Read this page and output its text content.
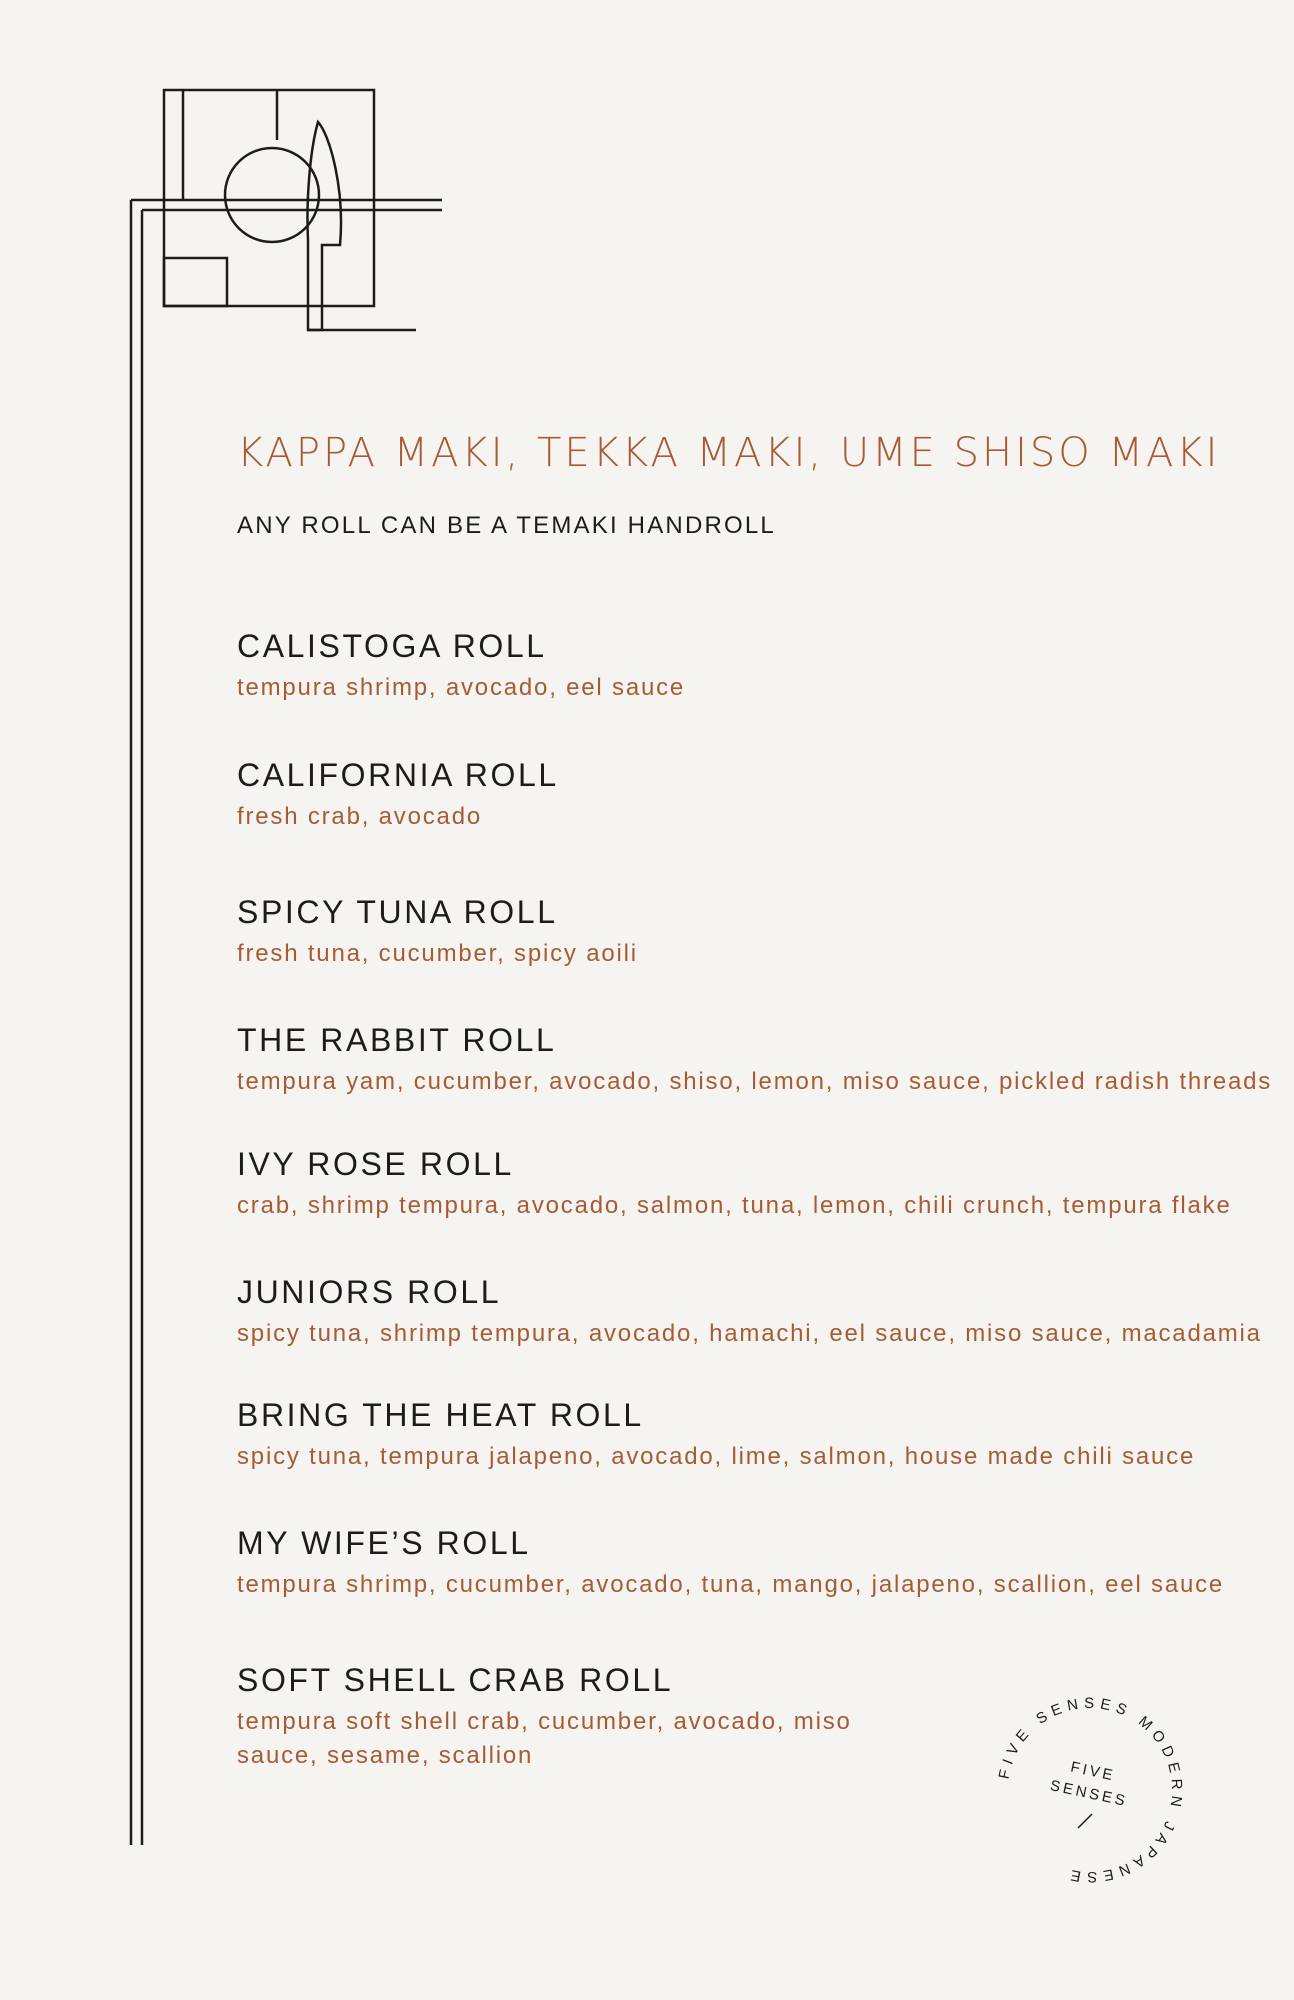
KAPPA MAKI, TEKKA MAKI, UME SHISO MAKI
ANY ROLL CAN BE A TEMAKI HANDROLL
CALISTOGA ROLL
tempura shrimp, avocado, eel sauce
CALIFORNIA ROLL
fresh crab, avocado
SPICY TUNA ROLL
fresh tuna, cucumber, spicy aoili
THE RABBIT ROLL
tempura yam, cucumber, avocado, shiso, lemon, miso sauce, pickled radish threads
IVY ROSE ROLL
crab, shrimp tempura, avocado, salmon, tuna, lemon, chili crunch, tempura flake
JUNIORS ROLL
spicy tuna, shrimp tempura, avocado, hamachi, eel sauce, miso sauce, macadamia
BRING THE HEAT ROLL
spicy tuna, tempura jalapeno, avocado, lime, salmon, house made chili sauce
MY WIFE’S ROLL
tempura shrimp, cucumber, avocado, tuna, mango, jalapeno, scallion, eel sauce
SOFT SHELL CRAB ROLL
tempura soft shell crab, cucumber, avocado, miso sauce, sesame, scallion
FIVE SENSES MODERN JAPANESE
FIVE
SENSES
